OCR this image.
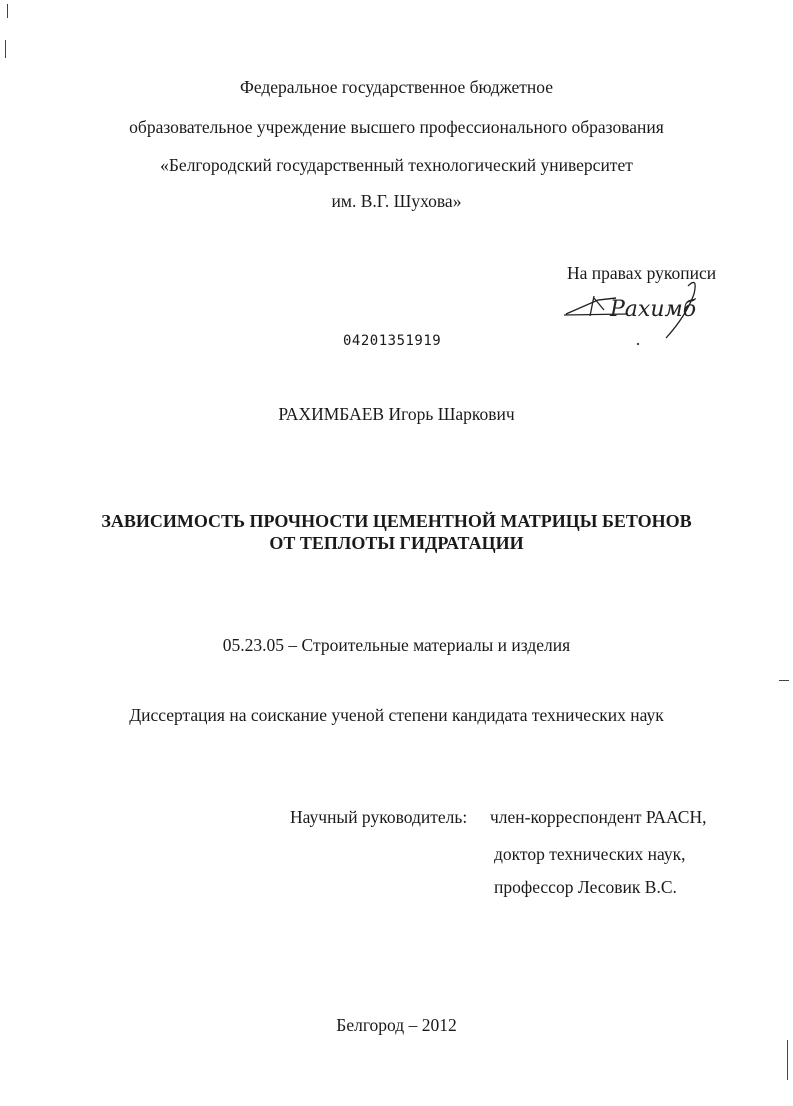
Федеральное государственное бюджетное
образовательное учреждение высшего профессионального образования
«Белгородский государственный технологический университет
им. В.Г. Шухова»
На правах рукописи
Рахимб
04201351919
РАХИМБАЕВ Игорь Шаркович
ЗАВИСИМОСТЬ ПРОЧНОСТИ ЦЕМЕНТНОЙ МАТРИЦЫ БЕТОНОВ
ОТ ТЕПЛОТЫ ГИДРАТАЦИИ
05.23.05 – Строительные материалы и изделия
Диссертация на соискание ученой степени кандидата технических наук
Научный руководитель: член-корреспондент РААСН,
доктор технических наук,
профессор Лесовик В.С.
Белгород – 2012
